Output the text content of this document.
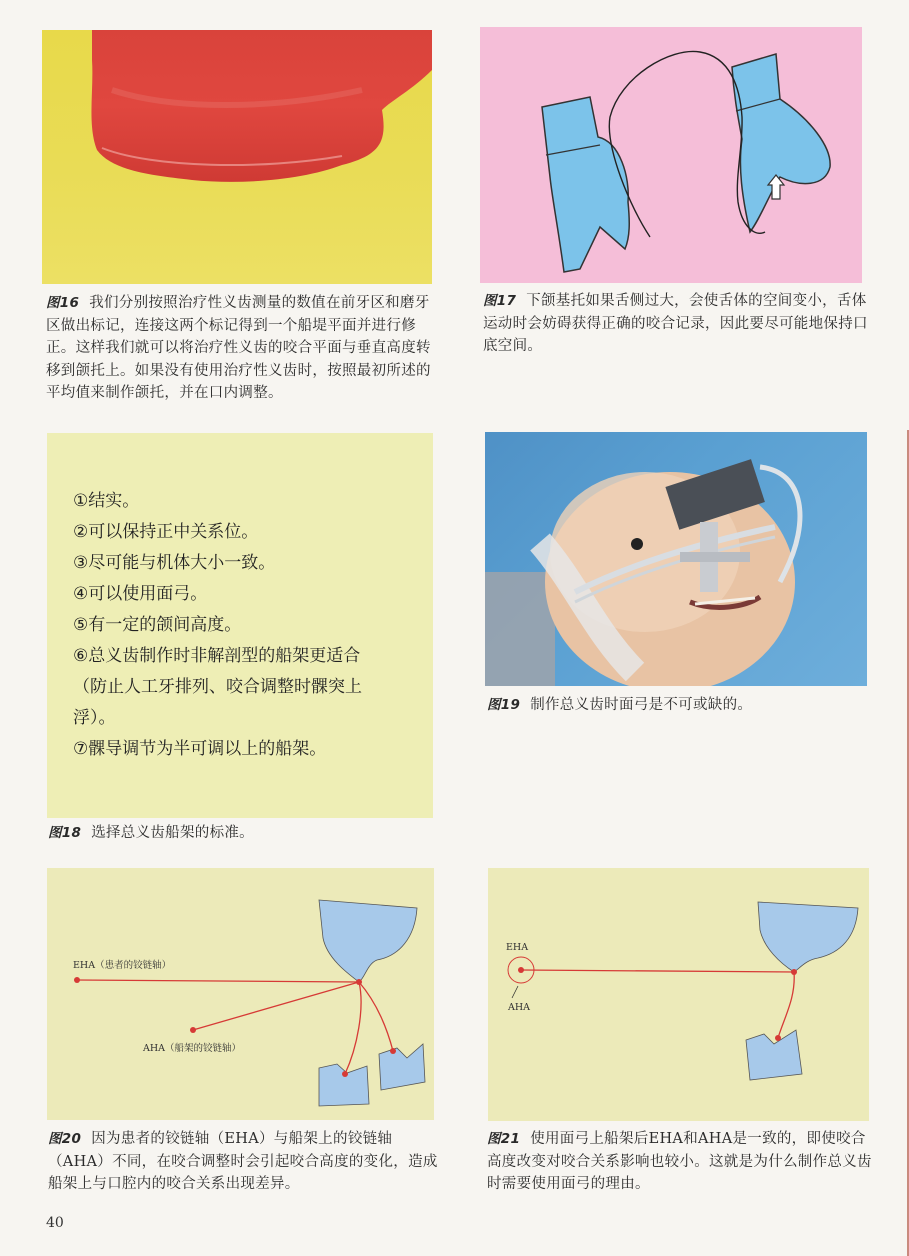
图16 我们分别按照治疗性义齿测量的数值在前牙区和磨牙区做出标记，连接这两个标记得到一个船堤平面并进行修正。这样我们就可以将治疗性义齿的咬合平面与垂直高度转移到颌托上。如果没有使用治疗性义齿时，按照最初所述的平均值来制作颌托，并在口内调整。
图17 下颌基托如果舌侧过大，会使舌体的空间变小，舌体运动时会妨碍获得正确的咬合记录，因此要尽可能地保持口底空间。
①结实。
②可以保持正中关系位。
③尽可能与机体大小一致。
④可以使用面弓。
⑤有一定的颌间高度。
⑥总义齿制作时非解剖型的船架更适合
（防止人工牙排列、咬合调整时髁突上
浮）。
⑦髁导调节为半可调以上的船架。
图18 选择总义齿船架的标准。
图19 制作总义齿时面弓是不可或缺的。
EHA（患者的铰链轴）
AHA（船架的铰链轴）
图20 因为患者的铰链轴（EHA）与船架上的铰链轴（AHA）不同，在咬合调整时会引起咬合高度的变化，造成船架上与口腔内的咬合关系出现差异。
EHA
AHA
图21 使用面弓上船架后EHA和AHA是一致的，即使咬合高度改变对咬合关系影响也较小。这就是为什么制作总义齿时需要使用面弓的理由。
40
